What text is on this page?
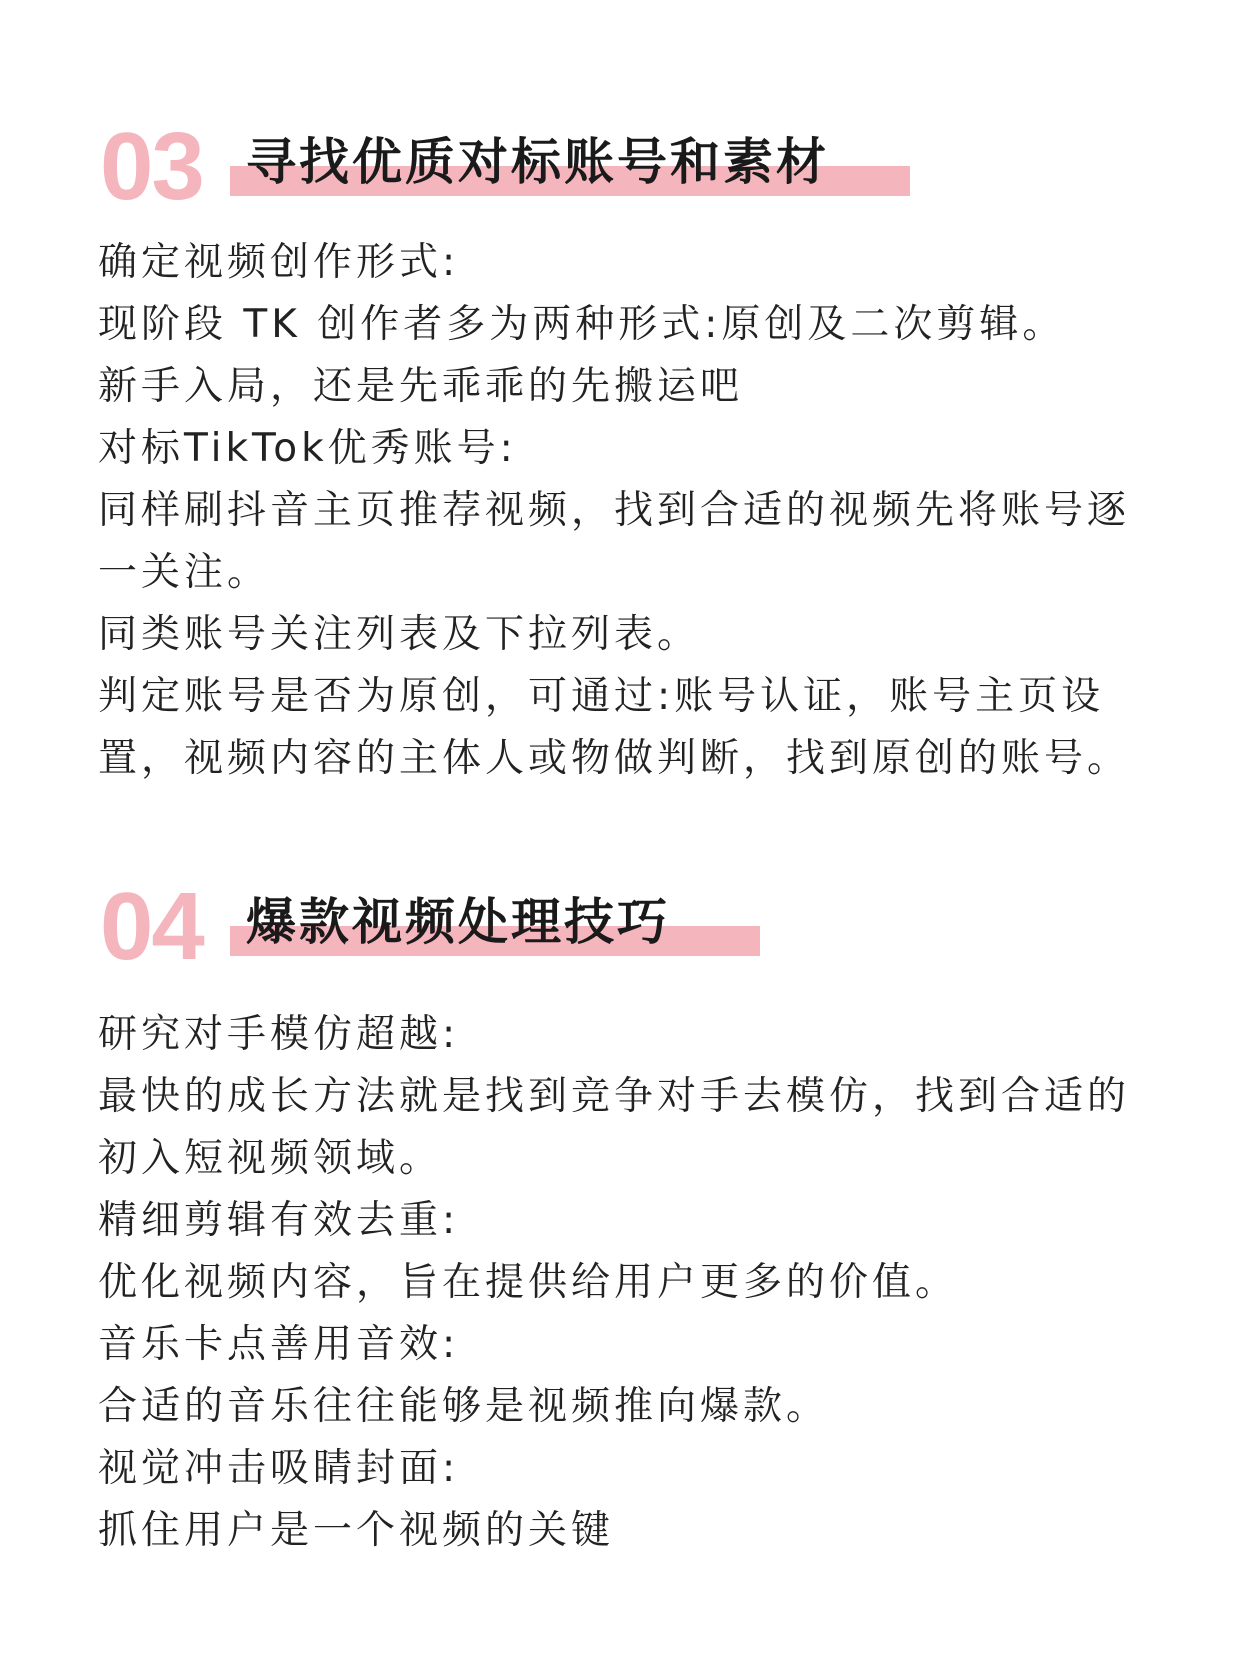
03 寻找优质对标账号和素材

确定视频创作形式:

现阶段 TK 创作者多为两种形式:原创及二次剪辑。

新手入局，还是先乖乖的先搬运吧

对标TikTok优秀账号:

同样刷抖音主页推荐视频，找到合适的视频先将账号逐一关注。

同类账号关注列表及下拉列表。

判定账号是否为原创，可通过:账号认证，账号主页设置，视频内容的主体人或物做判断，找到原创的账号。

04 爆款视频处理技巧

研究对手模仿超越:

最快的成长方法就是找到竞争对手去模仿，找到合适的初入短视频领域。

精细剪辑有效去重:

优化视频内容，旨在提供给用户更多的价值。

音乐卡点善用音效:

合适的音乐往往能够是视频推向爆款。

视觉冲击吸睛封面:

抓住用户是一个视频的关键
